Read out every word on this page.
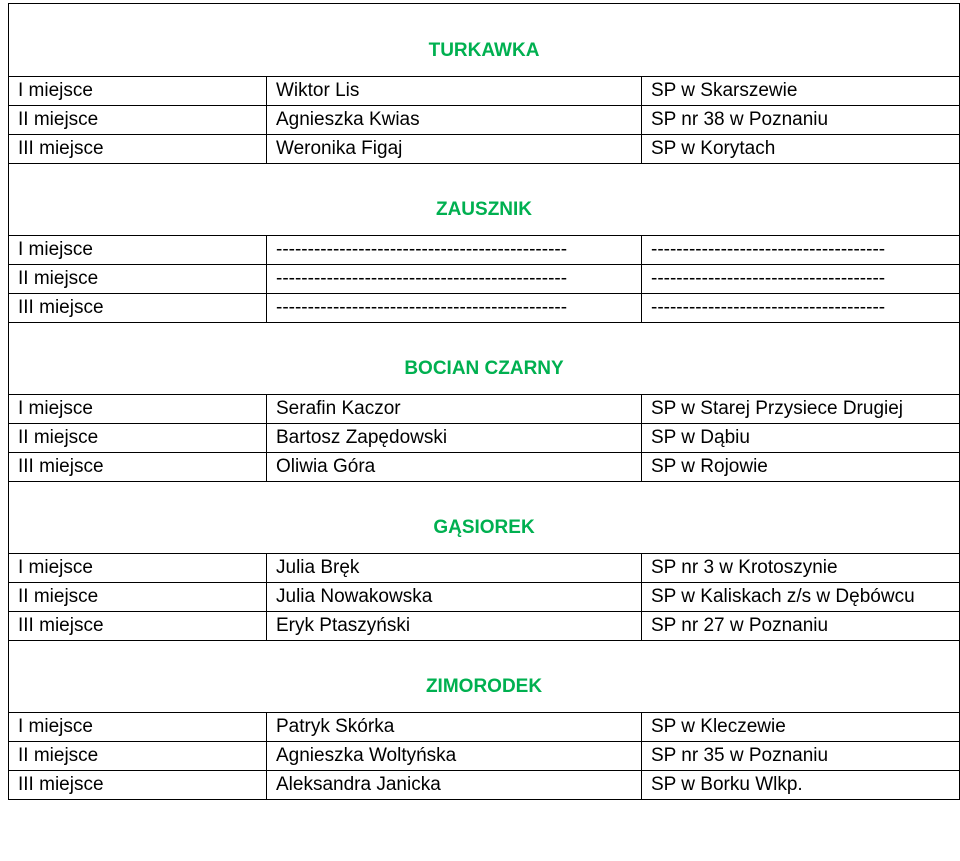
TURKAWKA		
I miejsce	Wiktor Lis	SP w Skarszewie
II miejsce	Agnieszka Kwias	SP nr 38 w Poznaniu
III miejsce	Weronika Figaj	SP w Korytach
ZAUSZNIK		
I miejsce	----------------------------------------------	-------------------------------------
II miejsce	----------------------------------------------	-------------------------------------
III miejsce	----------------------------------------------	-------------------------------------
BOCIAN CZARNY		
I miejsce	Serafin Kaczor	SP w Starej Przysiece Drugiej
II miejsce	Bartosz Zapędowski	SP w Dąbiu
III miejsce	Oliwia Góra	SP w Rojowie
GĄSIOREK		
I miejsce	Julia Bręk	SP nr 3 w Krotoszynie
II miejsce	Julia Nowakowska	SP w Kaliskach z/s w Dębówcu
III miejsce	Eryk Ptaszyński	SP nr 27 w Poznaniu
ZIMORODEK		
I miejsce	Patryk Skórka	SP w Kleczewie
II miejsce	Agnieszka Woltyńska	SP nr 35 w Poznaniu
III miejsce	Aleksandra Janicka	SP w Borku Wlkp.
